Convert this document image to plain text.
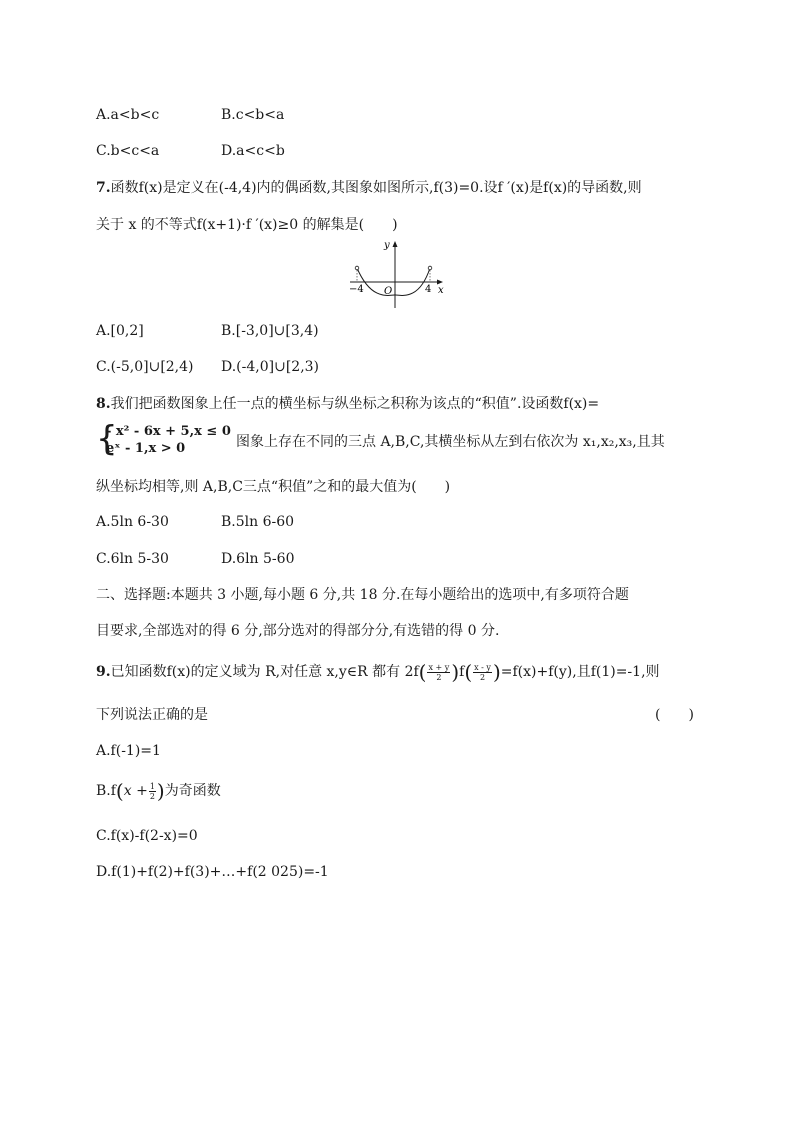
A.a<b<c	B.c<b<a
C.b<c<a	D.a<c<b
7.函数f(x)是定义在(-4,4)内的偶函数,其图象如图所示,f(3)=0.设f ′(x)是f(x)的导函数,则
关于 x 的不等式f(x+1)·f ′(x)≥0 的解集是(　　)
y
x
O
−4	4
A.[0,2]	B.[-3,0]∪[3,4)
C.(-5,0]∪[2,4) D.(-4,0]∪[2,3)
8.我们把函数图象上任一点的横坐标与纵坐标之积称为该点的“积值”.设函数f(x)=
{
- x² - 6x + 5,x ≤ 0
eˣ - 1,x > 0	图象上存在不同的三点 A,B,C,其横坐标从左到右依次为 x₁,x₂,x₃,且其
纵坐标均相等,则 A,B,C三点“积值”之和的最大值为(　　)
A.5ln 6-30	B.5ln 6-60
C.6ln 5-30	D.6ln 5-60
二、选择题:本题共 3 小题,每小题 6 分,共 18 分.在每小题给出的选项中,有多项符合题
目要求,全部选对的得 6 分,部分选对的得部分分,有选错的得 0 分.
9.已知函数f(x)的定义域为 R,对任意 x,y∈R 都有 $2f( \frac{x + y}{2} )f( \frac{x - y}{2} )=f(x)+f(y)$,且f(1)=-1,则
下列说法正确的是	(　　)
A.f(-1)=1
$B.f(x + \frac{1}{2}$ )为奇函数
C.f(x)-f(2-x)=0
D.f(1)+f(2)+f(3)+…+f(2 025)=-1
